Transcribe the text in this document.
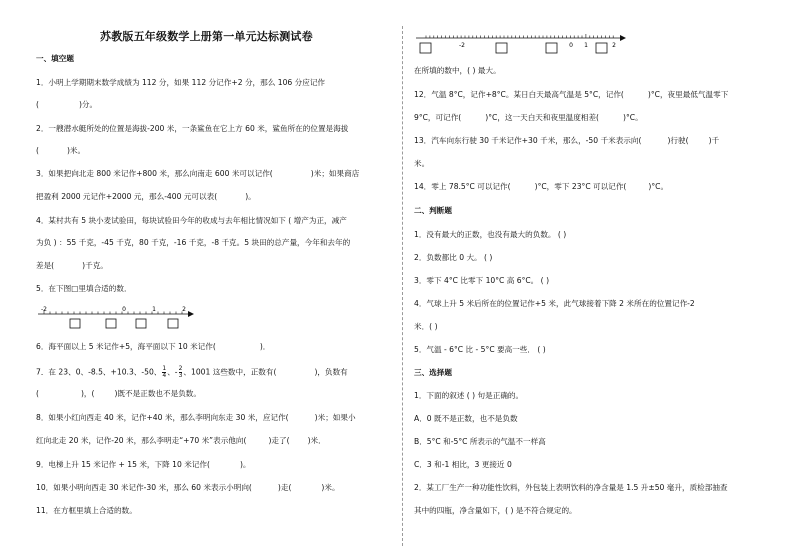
苏教版五年级数学上册第一单元达标测试卷
一、填空题
1．小明上学期期末数学成绩为 112 分，如果 112 分记作+2 分，那么 106 分应记作
(	)分。
2．一艘潜水艇所处的位置是海拔-200 米，一条鲨鱼在它上方 60 米，鲨鱼所在的位置是海拔
(	)米。
3．如果把向北走 800 米记作+800 米，那么向南走 600 米可以记作(	)米；如果商店
把盈利 2000 元记作+2000 元，那么-400 元可以表(	)。
4．某村共有 5 块小麦试验田，每块试验田今年的收成与去年相比情况如下 ( 增产为正，减产
为负 ) ：55 千克，-45 千克，80 千克，-16 千克，-8 千克。5 块田的总产量，今年和去年的
差是(	)千克。
5．在下图□里填合适的数．
-2	0	1	2
6．海平面以上 5 米记作+5，海平面以下 10 米记作(	)．
7．在 23、0、-8.5、+10.3、-50、 $\frac{1}{4}$ 、- $\frac{2}{3}$ 、1001 这些数中，正数有(	)，负数有
(	)，(	)既不是正数也不是负数。
8．如果小红向西走 40 米，记作+40 米，那么李明向东走 30 米，应记作(	)米；如果小
红向北走 20 米，记作-20 米，那么李明走“+70 米”表示他向(	)走了( )米．
9．电梯上升 15 米记作 + 15 米，下降 10 米记作(	)。
10．如果小明向西走 30 米记作-30 米，那么 60 米表示小明向(	)走(	)米。
11．在方框里填上合适的数。
-2	0 1	2
在所填的数中，( ) 最大。
12．气温 8°C，记作+8°C。某日白天最高气温是 5°C，记作(	)°C，夜里最低气温零下
9°C，可记作(	)°C，这一天白天和夜里温度相差(	)°C。
13．汽车向东行驶 30 千米记作+30 千米，那么，-50 千米表示向(	)行驶(	)千
米。
14．零上 78.5°C 可以记作(	)°C，零下 23°C 可以记作(	)°C。
二、判断题
1．没有最大的正数，也没有最大的负数。 ( )
2．负数都比 0 大。 ( )
3．零下 4°C 比零下 10°C 高 6°C。 ( )
4．气球上升 5 米后所在的位置记作+5 米，此气球接着下降 2 米所在的位置记作-2
米．( )
5．气温 - 6°C 比 - 5°C 要高一些． ( )
三、选择题
1．下面的叙述 ( ) 句是正确的。
A．0 既不是正数，也不是负数
B．5°C 和-5°C 所表示的气温不一样高
C．3 和-1 相比，3 更接近 0
2．某工厂生产一种功能性饮料，外包装上表明饮料的净含量是 1.5 升±50 毫升，质检部抽查
其中的四瓶，净含量如下，( ) 是不符合规定的。
